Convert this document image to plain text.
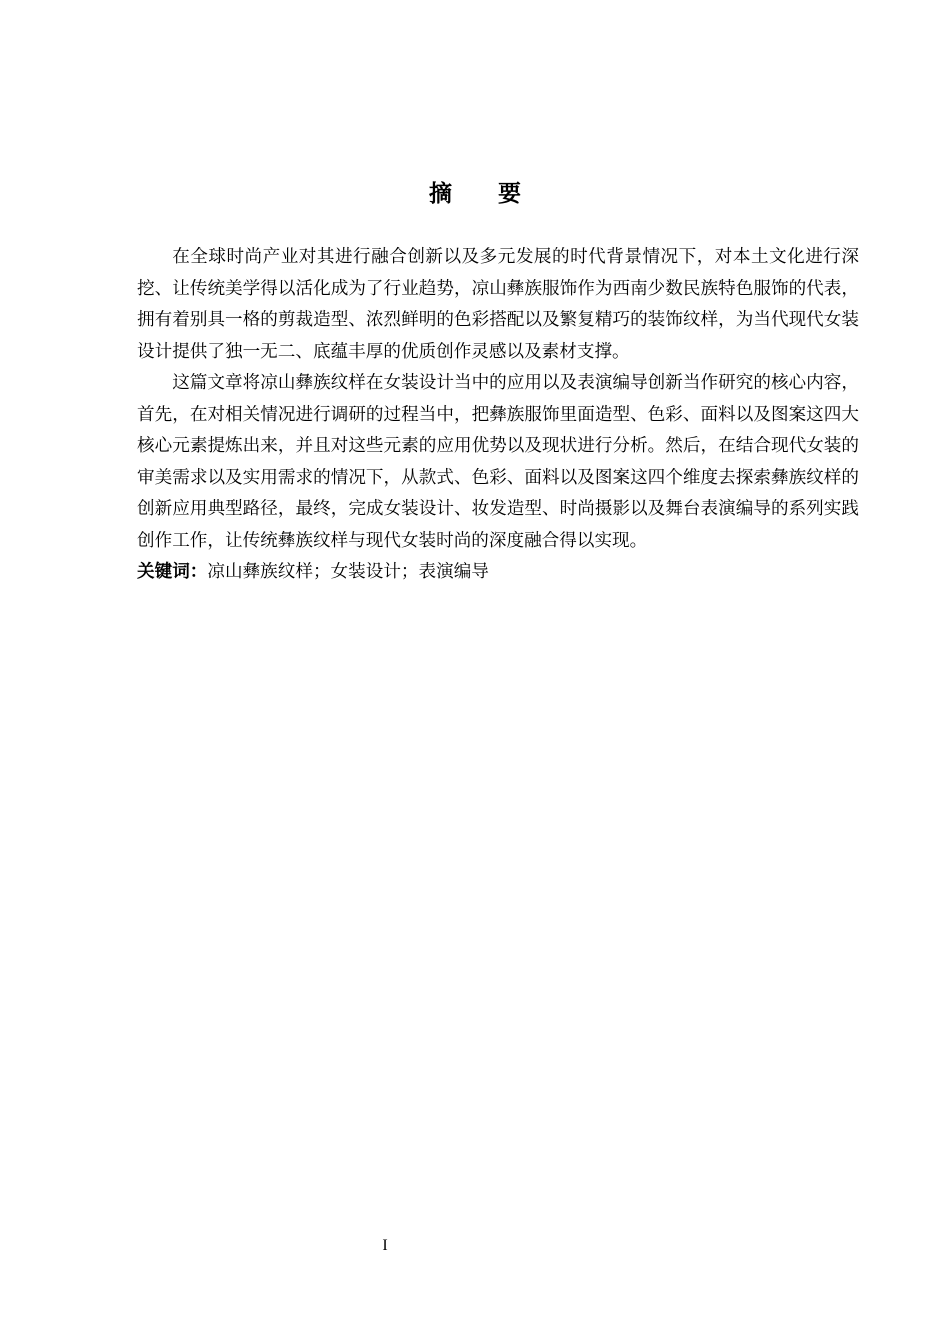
摘要

在全球时尚产业对其进行融合创新以及多元发展的时代背景情况下，对本土文化进行深挖、让传统美学得以活化成为了行业趋势，凉山彝族服饰作为西南少数民族特色服饰的代表，拥有着别具一格的剪裁造型、浓烈鲜明的色彩搭配以及繁复精巧的装饰纹样，为当代现代女装设计提供了独一无二、底蕴丰厚的优质创作灵感以及素材支撑。

这篇文章将凉山彝族纹样在女装设计当中的应用以及表演编导创新当作研究的核心内容，首先，在对相关情况进行调研的过程当中，把彝族服饰里面造型、色彩、面料以及图案这四大核心元素提炼出来，并且对这些元素的应用优势以及现状进行分析。然后，在结合现代女装的审美需求以及实用需求的情况下，从款式、色彩、面料以及图案这四个维度去探索彝族纹样的创新应用典型路径，最终，完成女装设计、妆发造型、时尚摄影以及舞台表演编导的系列实践创作工作，让传统彝族纹样与现代女装时尚的深度融合得以实现。

关键词：凉山彝族纹样；女装设计；表演编导

I
